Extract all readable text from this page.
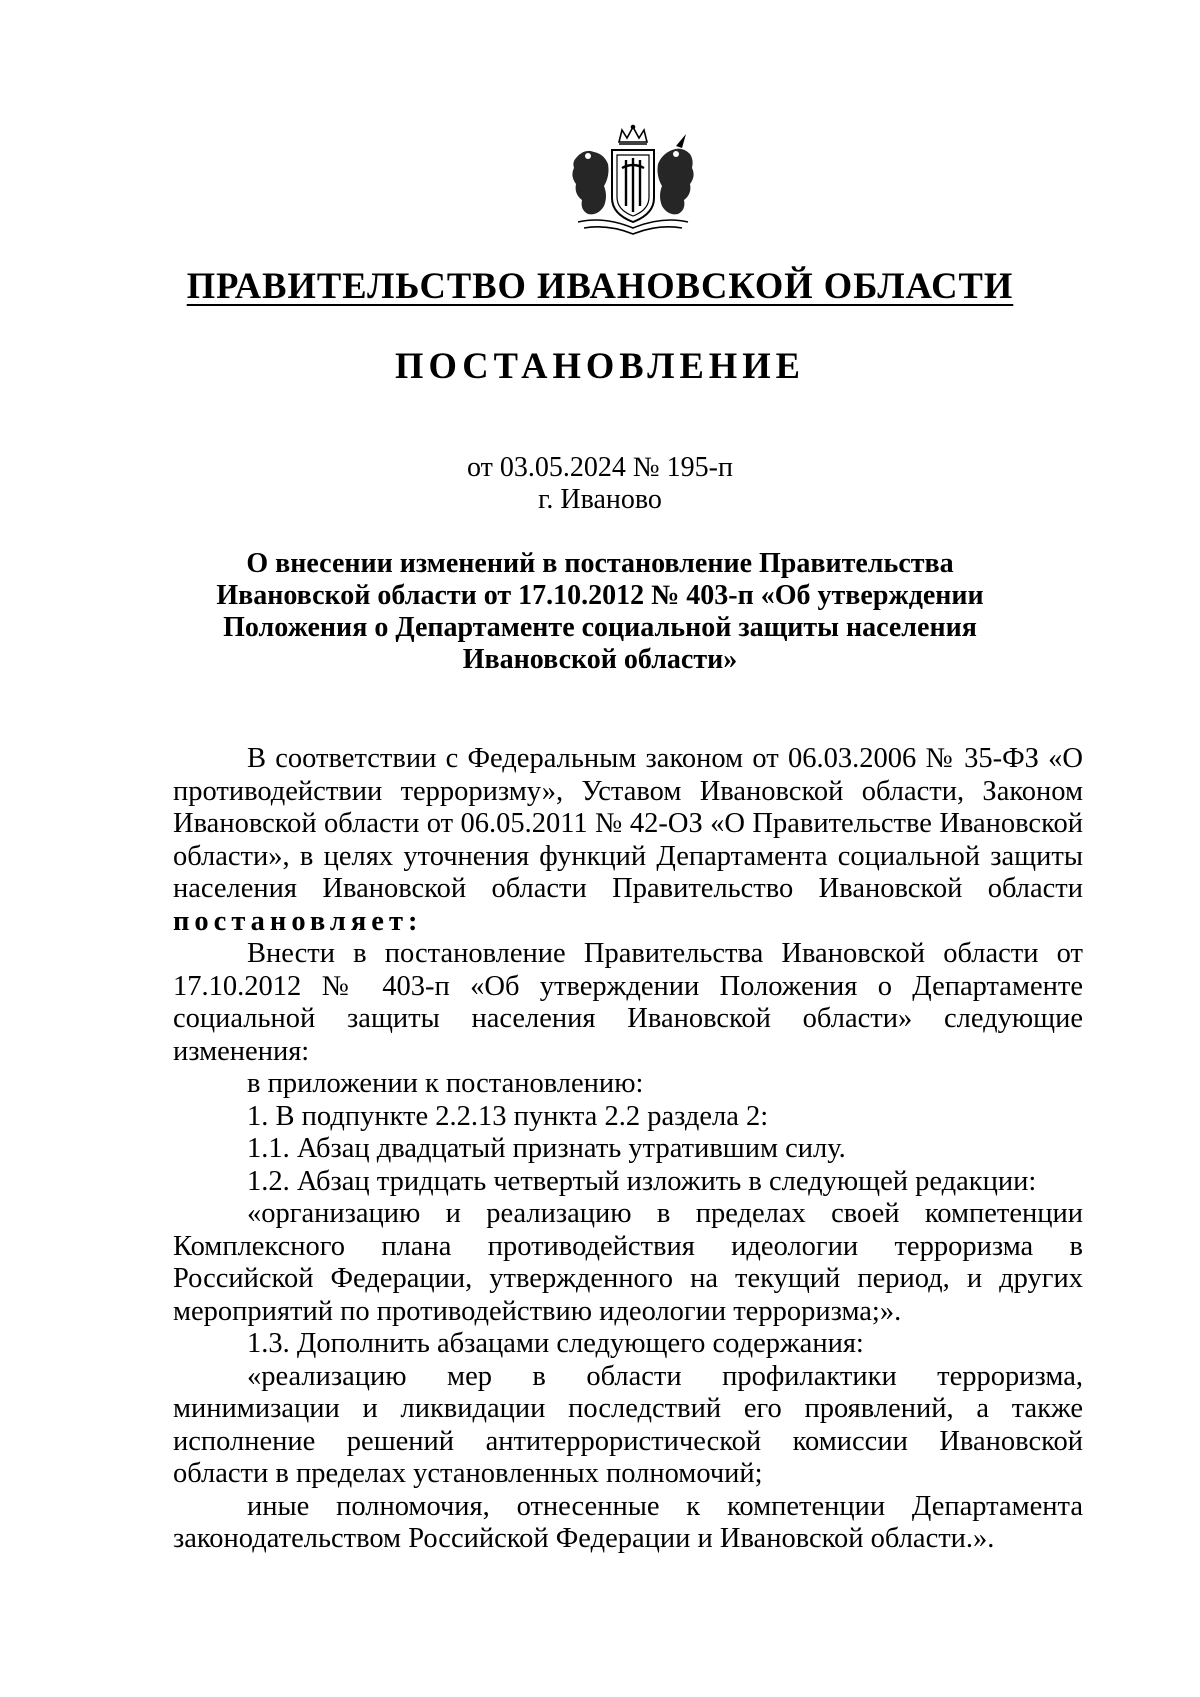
ПРАВИТЕЛЬСТВО ИВАНОВСКОЙ ОБЛАСТИ
ПОСТАНОВЛЕНИЕ
от 03.05.2024 № 195-п
г. Иваново
О внесении изменений в постановление Правительства
Ивановской области от 17.10.2012 № 403-п «Об утверждении
Положения о Департаменте социальной защиты населения
Ивановской области»

В соответствии с Федеральным законом от 06.03.2006 № 35-ФЗ «О противодействии терроризму», Уставом Ивановской области, Законом Ивановской области от 06.05.2011 № 42-ОЗ «О Правительстве Ивановской области», в целях уточнения функций Департамента социальной защиты населения Ивановской области Правительство Ивановской области постановляет:

Внести в постановление Правительства Ивановской области от 17.10.2012 № 403-п «Об утверждении Положения о Департаменте социальной защиты населения Ивановской области» следующие изменения:

в приложении к постановлению:

1. В подпункте 2.2.13 пункта 2.2 раздела 2:

1.1. Абзац двадцатый признать утратившим силу.

1.2. Абзац тридцать четвертый изложить в следующей редакции:

«организацию и реализацию в пределах своей компетенции Комплексного плана противодействия идеологии терроризма в Российской Федерации, утвержденного на текущий период, и других мероприятий по противодействию идеологии терроризма;».

1.3. Дополнить абзацами следующего содержания:

«реализацию мер в области профилактики терроризма, минимизации и ликвидации последствий его проявлений, а также исполнение решений антитеррористической комиссии Ивановской области в пределах установленных полномочий;

иные полномочия, отнесенные к компетенции Департамента законодательством Российской Федерации и Ивановской области.».
